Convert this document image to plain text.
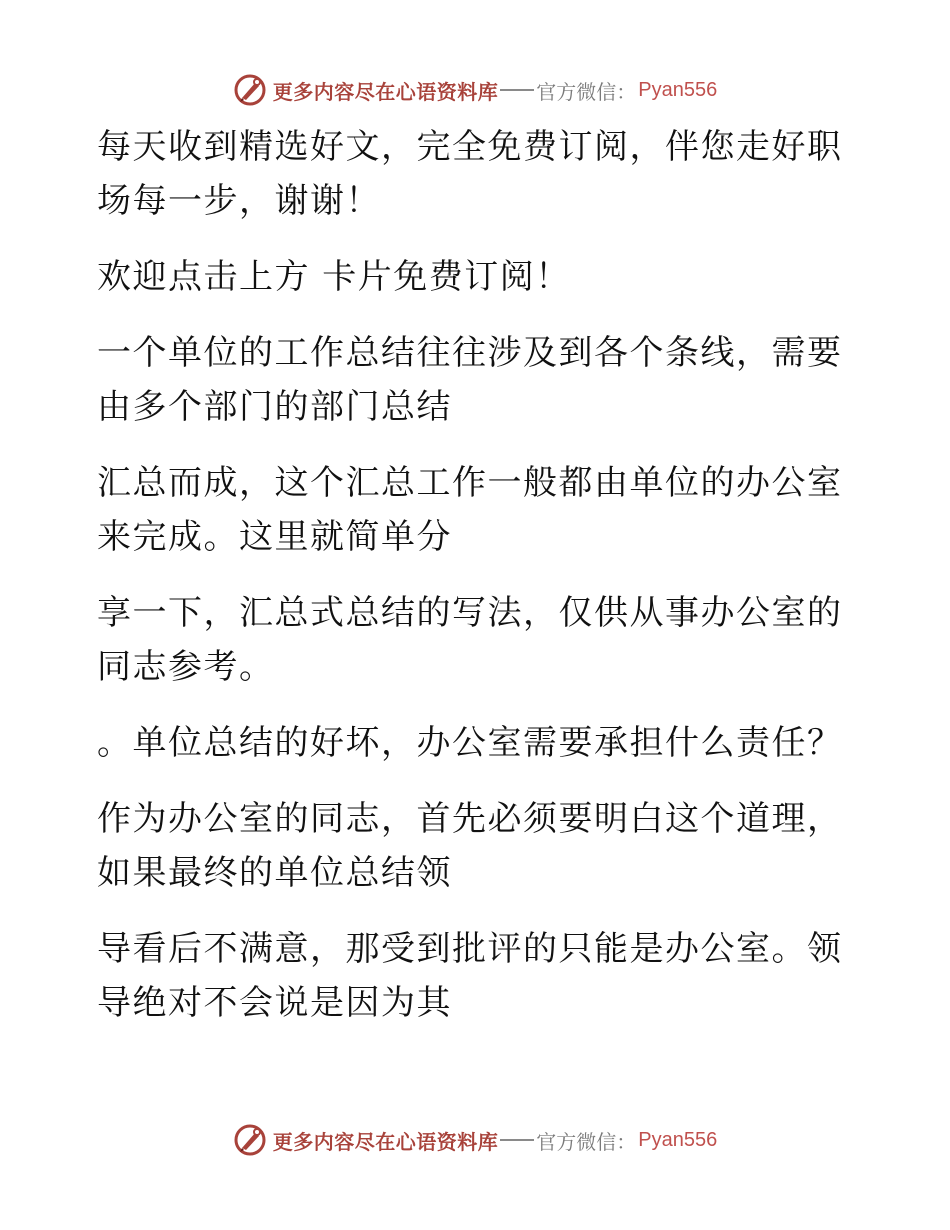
更多内容尽在心语资料库 官方微信： Pyan556
每天收到精选好文，完全免费订阅，伴您走好职
场每一步，谢谢！
欢迎点击上方 卡片免费订阅！
一个单位的工作总结往往涉及到各个条线，需要
由多个部门的部门总结
汇总而成，这个汇总工作一般都由单位的办公室
来完成。这里就简单分
享一下，汇总式总结的写法，仅供从事办公室的
同志参考。
。单位总结的好坏，办公室需要承担什么责任？
作为办公室的同志，首先必须要明白这个道理，
如果最终的单位总结领
导看后不满意，那受到批评的只能是办公室。领
导绝对不会说是因为其
更多内容尽在心语资料库 官方微信： Pyan556
